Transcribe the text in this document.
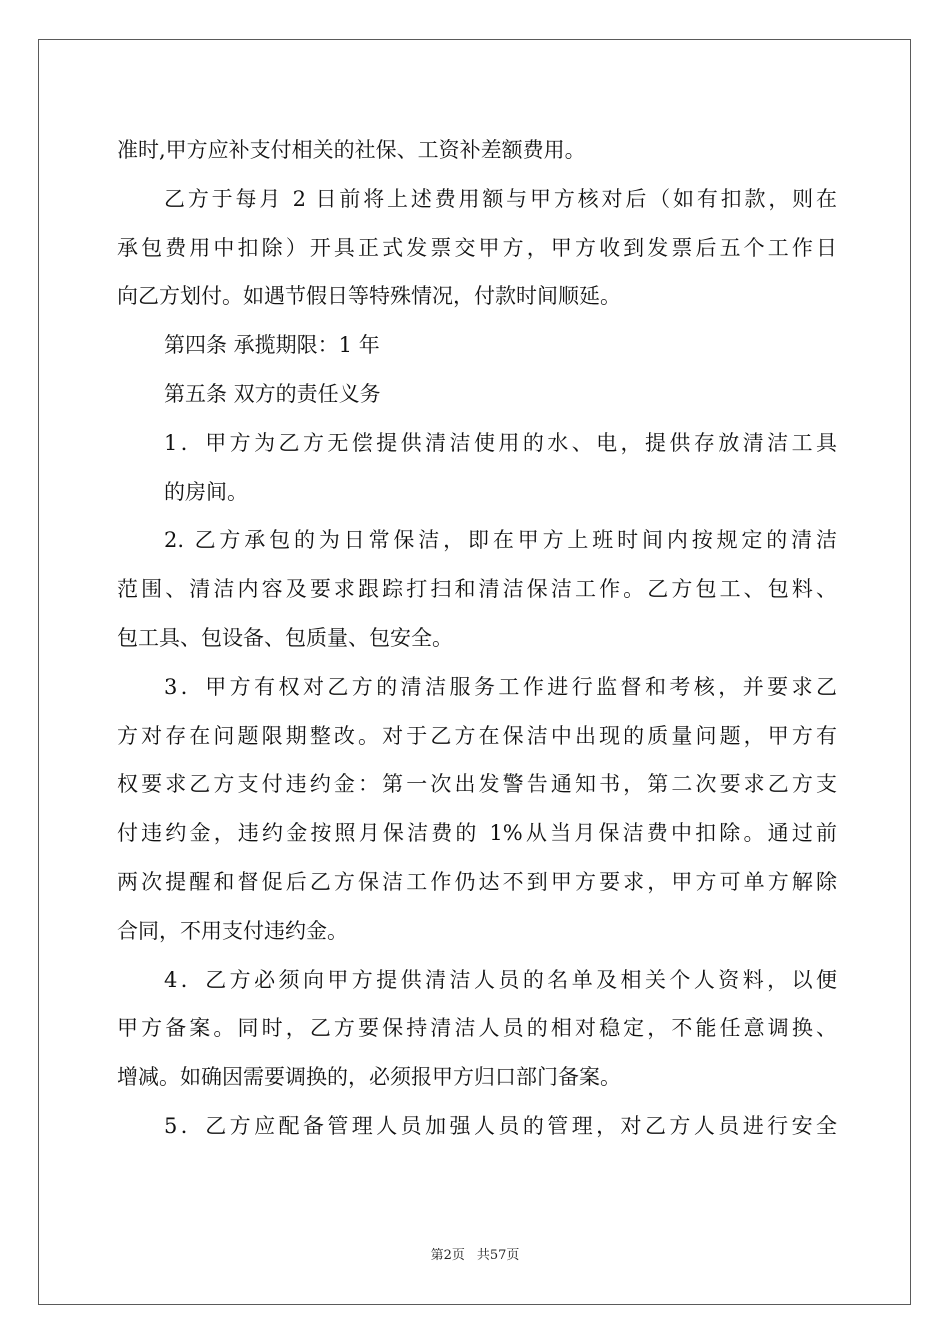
准时,甲方应补支付相关的社保、工资补差额费用。
乙方于每月 2 日前将上述费用额与甲方核对后（如有扣款，则在
承包费用中扣除）开具正式发票交甲方，甲方收到发票后五个工作日
向乙方划付。如遇节假日等特殊情况，付款时间顺延。
第四条 承揽期限：1 年
第五条 双方的责任义务
1．甲方为乙方无偿提供清洁使用的水、电，提供存放清洁工具
的房间。
2. 乙方承包的为日常保洁，即在甲方上班时间内按规定的清洁
范围、清洁内容及要求跟踪打扫和清洁保洁工作。乙方包工、包料、
包工具、包设备、包质量、包安全。
3．甲方有权对乙方的清洁服务工作进行监督和考核，并要求乙
方对存在问题限期整改。对于乙方在保洁中出现的质量问题，甲方有
权要求乙方支付违约金：第一次出发警告通知书，第二次要求乙方支
付违约金，违约金按照月保洁费的 1%从当月保洁费中扣除。通过前
两次提醒和督促后乙方保洁工作仍达不到甲方要求，甲方可单方解除
合同，不用支付违约金。
4．乙方必须向甲方提供清洁人员的名单及相关个人资料，以便
甲方备案。同时，乙方要保持清洁人员的相对稳定，不能任意调换、
增减。如确因需要调换的，必须报甲方归口部门备案。
5．乙方应配备管理人员加强人员的管理，对乙方人员进行安全
第2页 共57页
